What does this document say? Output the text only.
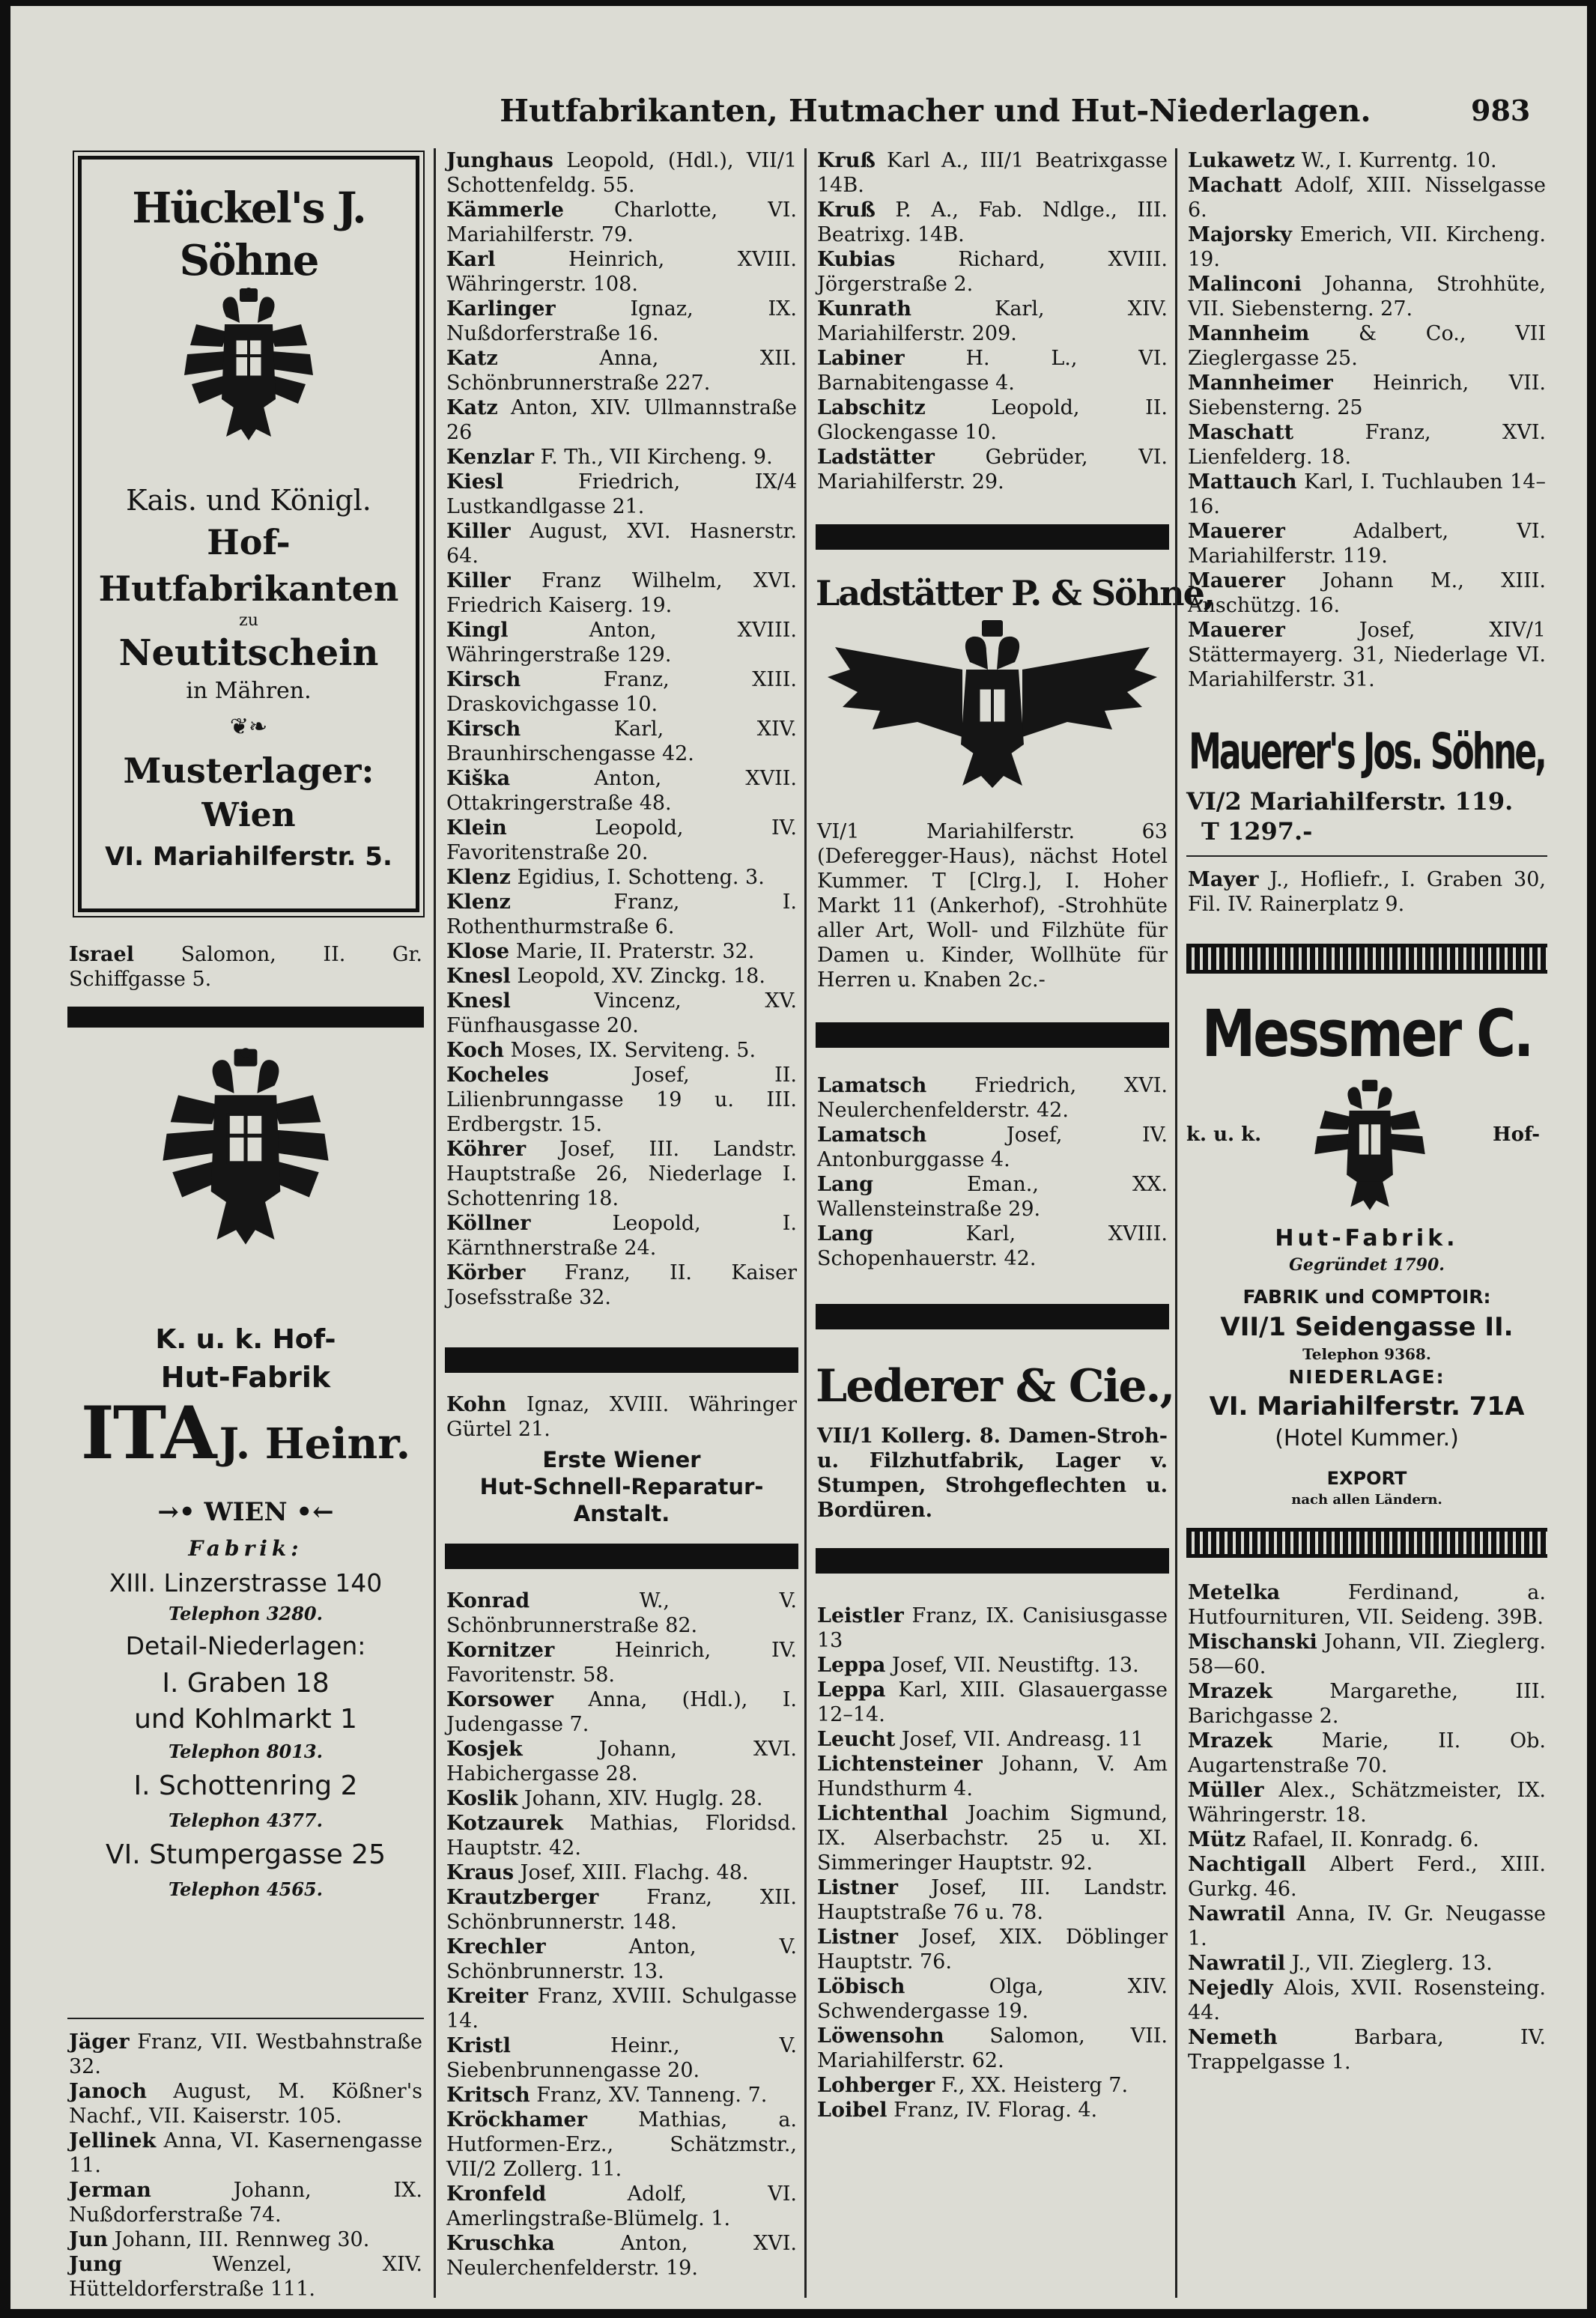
Hutfabrikanten, Hutmacher und Hut-Niederlagen.	983
Hückel's J. Söhne
Kais. und Königl.
Hof-Hutfabrikanten
zu
Neutitschein
in Mähren.
❦❧
Musterlager:
Wien
VI. Mariahilferstr. 5.

Israel Salomon, II. Gr. Schiffgasse 5.

K. u. k. Hof-
Hut-Fabrik
ITA J. Heinr.
→• WIEN •←
Fabrik:
XIII. Linzerstrasse 140
Telephon 3280.
Detail-Niederlagen:
I. Graben 18
und Kohlmarkt 1
Telephon 8013.
I. Schottenring 2
Telephon 4377.
VI. Stumpergasse 25
Telephon 4565.

Jäger Franz, VII. Westbahnstraße 32.

Janoch August, M. Kößner's Nachf., VII. Kaiserstr. 105.

Jellinek Anna, VI. Kasernengasse 11.

Jerman	Johann, IX. Nußdorferstraße 74.

Jun Johann, III. Rennweg 30.

Jung	Wenzel, XIV. Hütteldorferstraße 111.

Junghaus Leopold, (Hdl.), VII/1 Schottenfeldg. 55.

Kämmerle Charlotte, VI. Mariahilferstr. 79.

Karl	Heinrich, XVIII. Währingerstr. 108.

Karlinger	Ignaz, IX. Nußdorferstraße 16.

Katz	Anna, XII. Schönbrunnerstraße 227.

Katz Anton, XIV. Ullmannstraße 26

Kenzlar F. Th., VII Kircheng. 9.

Kiesl	Friedrich, IX/4 Lustkandlgasse 21.

Killer August, XVI. Hasnerstr. 64.

Killer Franz Wilhelm, XVI. Friedrich Kaiserg. 19.

Kingl	Anton, XVIII. Währingerstraße 129.

Kirsch	Franz, XIII. Draskovichgasse 10.

Kirsch	Karl, XIV. Braunhirschengasse 42.

Kiška	Anton, XVII. Ottakringerstraße 48.

Klein	Leopold, IV. Favoritenstraße 20.

Klenz Egidius, I. Schotteng. 3.

Klenz	Franz, I. Rothenthurmstraße 6.

Klose Marie, II. Praterstr. 32.

Knesl Leopold, XV. Zinckg. 18.

Knesl	Vincenz, XV. Fünfhausgasse 20.

Koch Moses, IX. Serviteng. 5.

Kocheles	Josef, II. Lilienbrunngasse 19 u. III. Erdbergstr. 15.

Köhrer Josef, III. Landstr. Hauptstraße 26, Niederlage I. Schottenring 18.

Köllner	Leopold, I. Kärnthnerstraße 24.

Körber Franz, II. Kaiser Josefsstraße 32.

Kohn Ignaz, XVIII. Währinger Gürtel 21.

Erste Wiener
Hut-Schnell-Reparatur-
Anstalt.

Konrad	W., V. Schönbrunnerstraße 82.

Kornitzer	Heinrich, IV. Favoritenstr. 58.

Korsower Anna, (Hdl.), I. Judengasse 7.

Kosjek	Johann, XVI. Habichergasse 28.

Koslik Johann, XIV. Huglg. 28.

Kotzaurek Mathias, Floridsd. Hauptstr. 42.

Kraus Josef, XIII. Flachg. 48.

Krautzberger Franz, XII. Schönbrunnerstr. 148.

Krechler	Anton, V. Schönbrunnerstr. 13.

Kreiter Franz, XVIII. Schulgasse 14.

Kristl	Heinr., V. Siebenbrunnengasse 20.

Kritsch Franz, XV. Tanneng. 7.

Kröckhamer	Mathias, a. Hutformen-Erz., Schätzmstr., VII/2 Zollerg. 11.

Kronfeld	Adolf, VI. Amerlingstraße-Blümelg. 1.

Kruschka	Anton, XVI. Neulerchenfelderstr. 19.

Kruß Karl A., III/1 Beatrixgasse 14B.

Kruß P. A., Fab. Ndlge., III. Beatrixg. 14B.

Kubias	Richard, XVIII. Jörgerstraße 2.

Kunrath	Karl, XIV. Mariahilferstr. 209.

Labiner	H. L., VI. Barnabitengasse 4.

Labschitz	Leopold, II. Glockengasse 10.

Ladstätter	Gebrüder, VI. Mariahilferstr. 29.

Ladstätter P. & Söhne,

VI/1 Mariahilferstr. 63 (Deferegger-Haus), nächst Hotel Kummer. T [Clrg.], I. Hoher Markt 11 (Ankerhof), -Strohhüte aller Art, Woll- und Filzhüte für Damen u. Kinder, Wollhüte für Herren u. Knaben 2c.-

Lamatsch Friedrich, XVI. Neulerchenfelderstr. 42.

Lamatsch	Josef, IV. Antonburggasse 4.

Lang	Eman., XX. Wallensteinstraße 29.

Lang	Karl, XVIII. Schopenhauerstr. 42.

Lederer & Cie.,

VII/1 Kollerg. 8. Damen-Stroh- u. Filzhutfabrik, Lager v. Stumpen, Strohgeflechten u. Bordüren.

Leistler Franz, IX. Canisiusgasse 13

Leppa Josef, VII. Neustiftg. 13.

Leppa Karl, XIII. Glasauergasse 12–14.

Leucht Josef, VII. Andreasg. 11

Lichtensteiner Johann, V. Am Hundsthurm 4.

Lichtenthal Joachim Sigmund, IX. Alserbachstr. 25 u. XI. Simmeringer Hauptstr. 92.

Listner Josef, III. Landstr. Hauptstraße 76 u. 78.

Listner Josef, XIX. Döblinger Hauptstr. 76.

Löbisch	Olga, XIV. Schwendergasse 19.

Löwensohn Salomon, VII. Mariahilferstr. 62.

Lohberger F., XX. Heisterg 7.

Loibel Franz, IV. Florag. 4.

Lukawetz W., I. Kurrentg. 10.

Machatt Adolf, XIII. Nisselgasse 6.

Majorsky Emerich, VII. Kircheng. 19.

Malinconi Johanna, Strohhüte, VII. Siebensterng. 27.

Mannheim & Co., VII Zieglergasse 25.

Mannheimer Heinrich, VII. Siebensterng. 25

Maschatt	Franz, XVI. Lienfelderg. 18.

Mattauch Karl, I. Tuchlauben 14–16.

Mauerer	Adalbert, VI. Mariahilferstr. 119.

Mauerer Johann M., XIII. Anschützg. 16.

Mauerer	Josef, XIV/1 Stättermayerg. 31, Niederlage VI. Mariahilferstr. 31.

Mauerer's Jos. Söhne,
VI/2 Mariahilferstr. 119.
T 1297.-

Mayer J., Hofliefr., I. Graben 30, Fil. IV. Rainerplatz 9.

Messmer C.
k. u. k.	Hof-
Hut-Fabrik.
Gegründet 1790.
FABRIK und COMPTOIR:
VII/1 Seidengasse II.
Telephon 9368.
NIEDERLAGE:
VI. Mariahilferstr. 71A
(Hotel Kummer.)
EXPORT
nach allen Ländern.

Metelka	Ferdinand, a. Hutfournituren, VII. Seideng. 39B.

Mischanski Johann, VII. Zieglerg. 58—60.

Mrazek	Margarethe, III. Barichgasse 2.

Mrazek Marie, II. Ob. Augartenstraße 70.

Müller Alex., Schätzmeister, IX. Währingerstr. 18.

Mütz Rafael, II. Konradg. 6.

Nachtigall Albert Ferd., XIII. Gurkg. 46.

Nawratil Anna, IV. Gr. Neugasse 1.

Nawratil J., VII. Zieglerg. 13.

Nejedly Alois, XVII. Rosensteing. 44.

Nemeth	Barbara, IV. Trappelgasse 1.
